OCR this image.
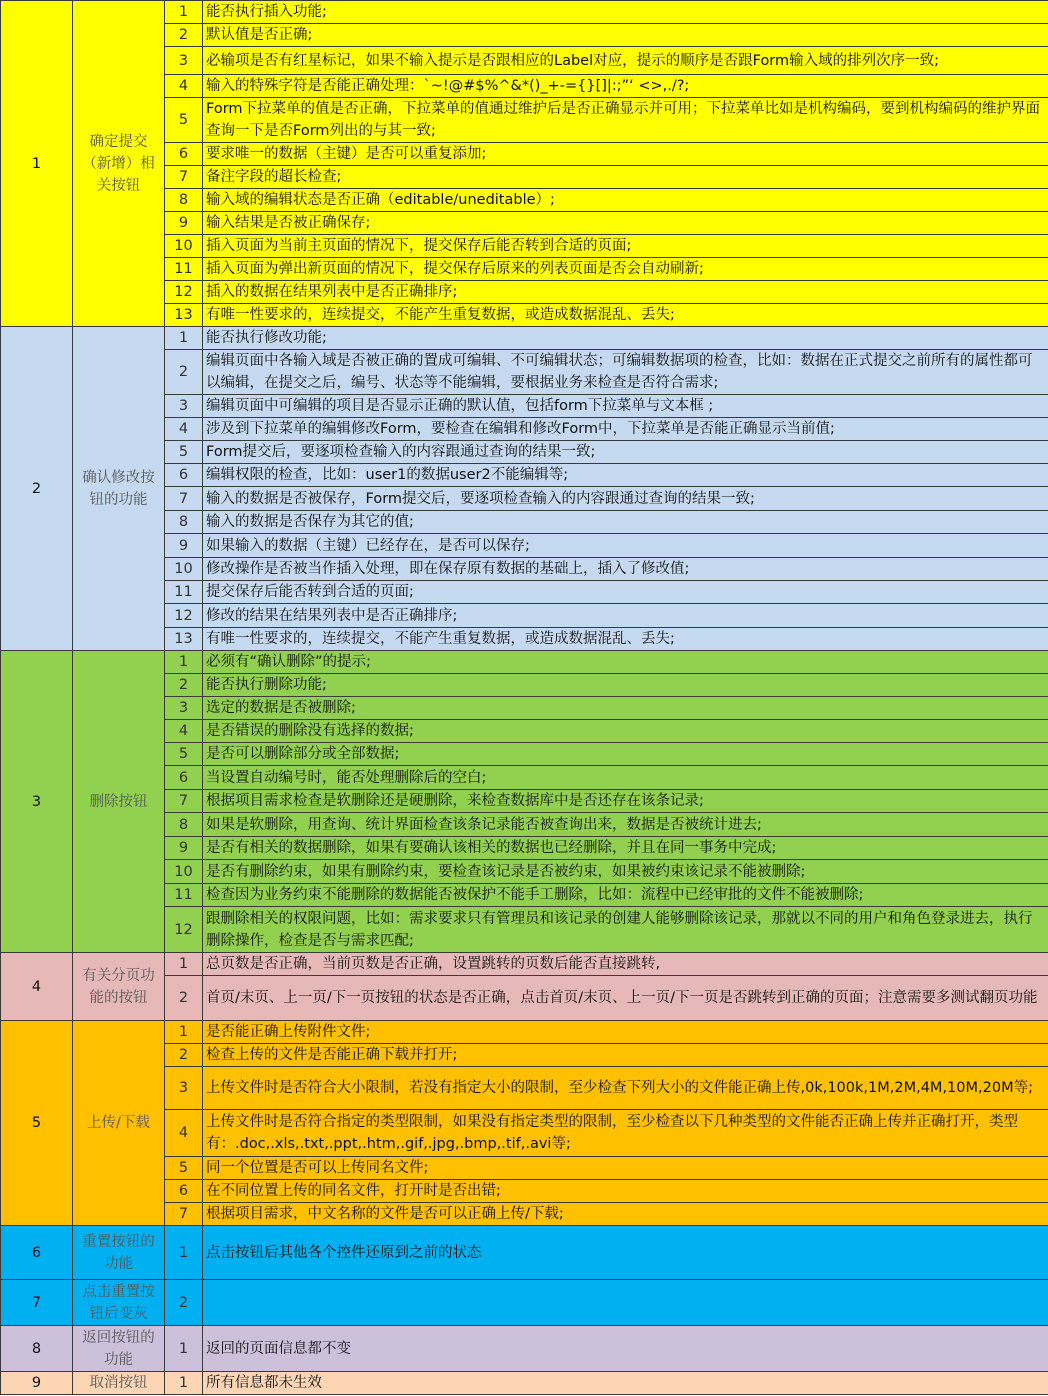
1	确定提交（新增）相关按钮	1	能否执行插入功能;
		2	默认值是否正确;
		3	必输项是否有红星标记，如果不输入提示是否跟相应的Label对应，提示的顺序是否跟Form输入域的排列次序一致;
		4	输入的特殊字符是否能正确处理：`~!@#$%^&*()_+-={}[]|:;”‘ <>,./?;
		5	Form下拉菜单的值是否正确，下拉菜单的值通过维护后是否正确显示并可用；下拉菜单比如是机构编码，要到机构编码的维护界面查询一下是否Form列出的与其一致;
		6	要求唯一的数据（主键）是否可以重复添加;
		7	备注字段的超长检查;
		8	输入域的编辑状态是否正确（editable/uneditable）;
		9	输入结果是否被正确保存;
		10	插入页面为当前主页面的情况下，提交保存后能否转到合适的页面;
		11	插入页面为弹出新页面的情况下，提交保存后原来的列表页面是否会自动刷新;
		12	插入的数据在结果列表中是否正确排序;
		13	有唯一性要求的，连续提交，不能产生重复数据，或造成数据混乱、丢失;
2	确认修改按钮的功能	1	能否执行修改功能;
		2	编辑页面中各输入域是否被正确的置成可编辑、不可编辑状态；可编辑数据项的检查，比如：数据在正式提交之前所有的属性都可以编辑，在提交之后，编号、状态等不能编辑，要根据业务来检查是否符合需求;
		3	编辑页面中可编辑的项目是否显示正确的默认值，包括form下拉菜单与文本框 ;
		4	涉及到下拉菜单的编辑修改Form，要检查在编辑和修改Form中，下拉菜单是否能正确显示当前值;
		5	Form提交后，要逐项检查输入的内容跟通过查询的结果一致;
		6	编辑权限的检查，比如：user1的数据user2不能编辑等;
		7	输入的数据是否被保存，Form提交后，要逐项检查输入的内容跟通过查询的结果一致;
		8	输入的数据是否保存为其它的值;
		9	如果输入的数据（主键）已经存在，是否可以保存;
		10	修改操作是否被当作插入处理，即在保存原有数据的基础上，插入了修改值;
		11	提交保存后能否转到合适的页面;
		12	修改的结果在结果列表中是否正确排序;
		13	有唯一性要求的，连续提交，不能产生重复数据，或造成数据混乱、丢失;
3	删除按钮	1	必须有“确认删除”的提示;
		2	能否执行删除功能;
		3	选定的数据是否被删除;
		4	是否错误的删除没有选择的数据;
		5	是否可以删除部分或全部数据;
		6	当设置自动编号时，能否处理删除后的空白;
		7	根据项目需求检查是软删除还是硬删除，来检查数据库中是否还存在该条记录;
		8	如果是软删除，用查询、统计界面检查该条记录能否被查询出来，数据是否被统计进去;
		9	是否有相关的数据删除，如果有要确认该相关的数据也已经删除，并且在同一事务中完成;
		10	是否有删除约束，如果有删除约束，要检查该记录是否被约束，如果被约束该记录不能被删除;
		11	检查因为业务约束不能删除的数据能否被保护不能手工删除，比如：流程中已经审批的文件不能被删除;
		12	跟删除相关的权限问题，比如：需求要求只有管理员和该记录的创建人能够删除该记录，那就以不同的用户和角色登录进去，执行删除操作，检查是否与需求匹配;
4	有关分页功能的按钮	1	总页数是否正确，当前页数是否正确，设置跳转的页数后能否直接跳转,
		2	首页/末页、上一页/下一页按钮的状态是否正确，点击首页/末页、上一页/下一页是否跳转到正确的页面；注意需要多测试翻页功能
5	上传/下载	1	是否能正确上传附件文件;
		2	检查上传的文件是否能正确下载并打开;
		3	上传文件时是否符合大小限制，若没有指定大小的限制，至少检查下列大小的文件能正确上传,0k,100k,1M,2M,4M,10M,20M等;
		4	上传文件时是否符合指定的类型限制，如果没有指定类型的限制，至少检查以下几种类型的文件能否正确上传并正确打开，类型有：.doc,.xls,.txt,.ppt,.htm,.gif,.jpg,.bmp,.tif,.avi等;
		5	同一个位置是否可以上传同名文件;
		6	在不同位置上传的同名文件，打开时是否出错;
		7	根据项目需求，中文名称的文件是否可以正确上传/下载;
6	重置按钮的功能	1	点击按钮后其他各个控件还原到之前的状态
7	点击重置按钮后变灰	2	
8	返回按钮的功能	1	返回的页面信息都不变
9	取消按钮	1	所有信息都未生效
